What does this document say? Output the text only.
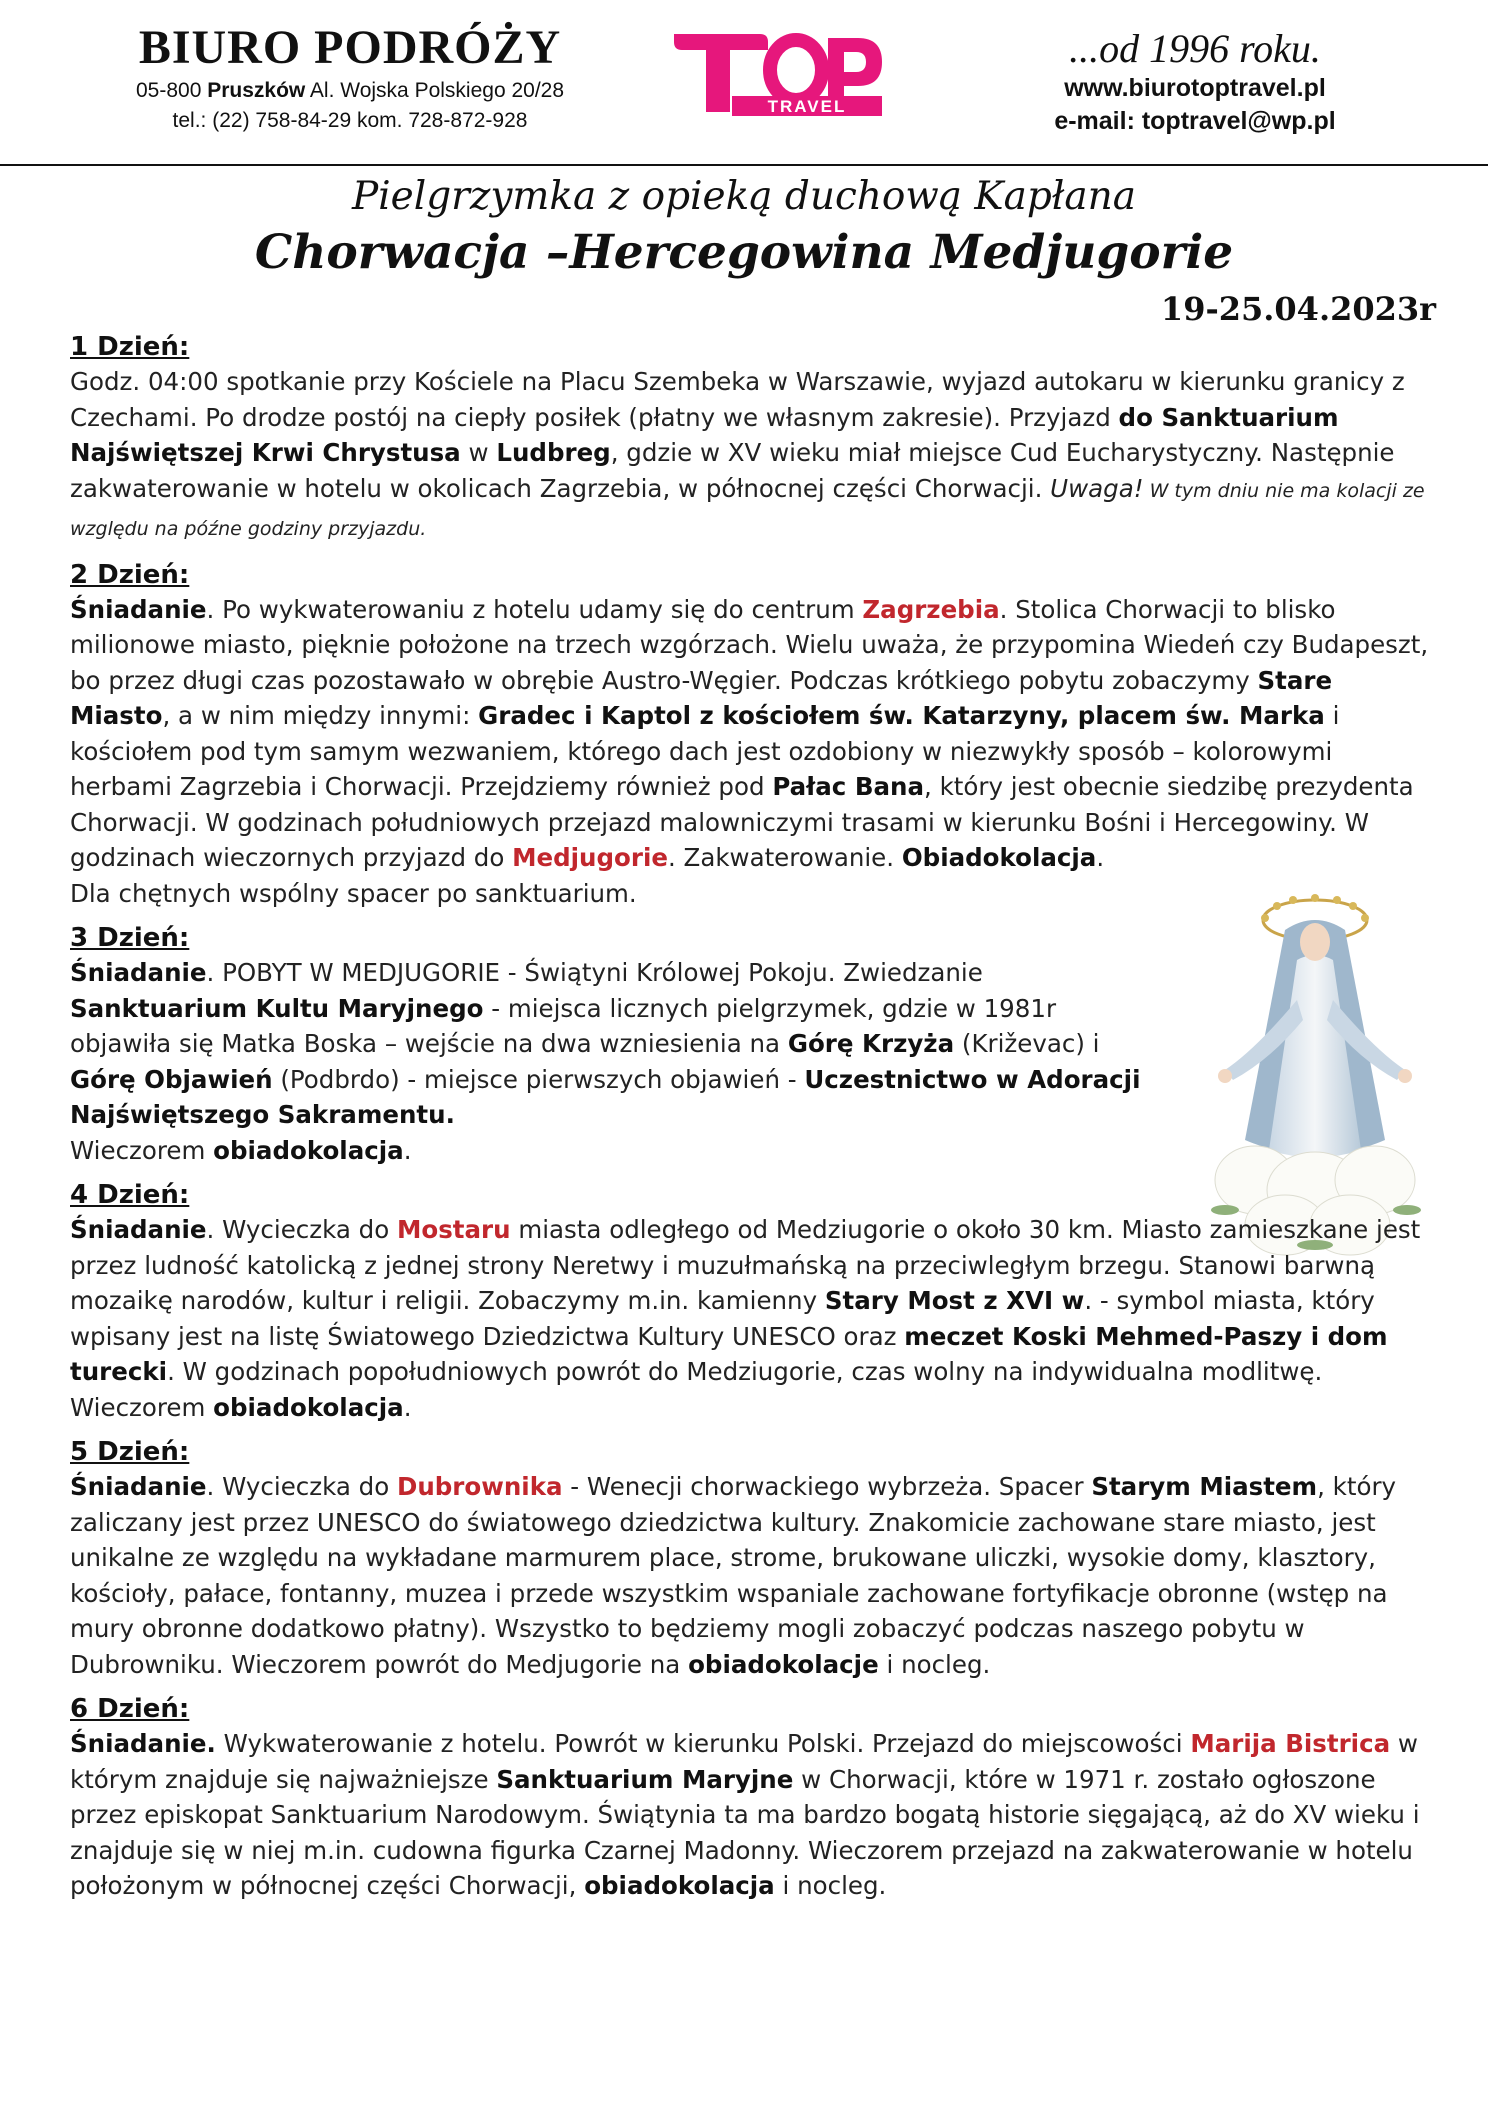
BIURO PODRÓŻY
05-800 Pruszków Al. Wojska Polskiego 20/28
tel.: (22) 758-84-29 kom. 728-872-928
TRAVEL
...od 1996 roku.
www.biurotoptravel.pl
e-mail: toptravel@wp.pl
Pielgrzymka z opieką duchową Kapłana
Chorwacja –Hercegowina Medjugorie
19-25.04.2023r
1 Dzień:
Godz. 04:00 spotkanie przy Kościele na Placu Szembeka w Warszawie, wyjazd autokaru w kierunku granicy z Czechami. Po drodze postój na ciepły posiłek (płatny we własnym zakresie). Przyjazd do Sanktuarium Najświętszej Krwi Chrystusa w Ludbreg, gdzie w XV wieku miał miejsce Cud Eucharystyczny. Następnie zakwaterowanie w hotelu w okolicach Zagrzebia, w północnej części Chorwacji. Uwaga! W tym dniu nie ma kolacji ze względu na późne godziny przyjazdu.
2 Dzień:
Śniadanie. Po wykwaterowaniu z hotelu udamy się do centrum Zagrzebia. Stolica Chorwacji to blisko milionowe miasto, pięknie położone na trzech wzgórzach. Wielu uważa, że przypomina Wiedeń czy Budapeszt, bo przez długi czas pozostawało w obrębie Austro-Węgier. Podczas krótkiego pobytu zobaczymy Stare Miasto, a w nim między innymi: Gradec i Kaptol z kościołem św. Katarzyny, placem św. Marka i kościołem pod tym samym wezwaniem, którego dach jest ozdobiony w niezwykły sposób – kolorowymi herbami Zagrzebia i Chorwacji. Przejdziemy również pod Pałac Bana, który jest obecnie siedzibę prezydenta Chorwacji. W godzinach południowych przejazd malowniczymi trasami w kierunku Bośni i Hercegowiny. W godzinach wieczornych przyjazd do Medjugorie. Zakwaterowanie. Obiadokolacja.
Dla chętnych wspólny spacer po sanktuarium.
3 Dzień:
Śniadanie. POBYT W MEDJUGORIE - Świątyni Królowej Pokoju. Zwiedzanie Sanktuarium Kultu Maryjnego - miejsca licznych pielgrzymek, gdzie w 1981r objawiła się Matka Boska – wejście na dwa wzniesienia na Górę Krzyża (Križevac) i Górę Objawień (Podbrdo) - miejsce pierwszych objawień - Uczestnictwo w Adoracji Najświętszego Sakramentu.
Wieczorem obiadokolacja.
4 Dzień:
Śniadanie. Wycieczka do Mostaru miasta odległego od Medziugorie o około 30 km. Miasto zamieszkane jest przez ludność katolicką z jednej strony Neretwy i muzułmańską na przeciwległym brzegu. Stanowi barwną mozaikę narodów, kultur i religii. Zobaczymy m.in. kamienny Stary Most z XVI w. - symbol miasta, który wpisany jest na listę Światowego Dziedzictwa Kultury UNESCO oraz meczet Koski Mehmed-Paszy i dom turecki. W godzinach popołudniowych powrót do Medziugorie, czas wolny na indywidualna modlitwę. Wieczorem obiadokolacja.
5 Dzień:
Śniadanie. Wycieczka do Dubrownika - Wenecji chorwackiego wybrzeża. Spacer Starym Miastem, który zaliczany jest przez UNESCO do światowego dziedzictwa kultury. Znakomicie zachowane stare miasto, jest unikalne ze względu na wykładane marmurem place, strome, brukowane uliczki, wysokie domy, klasztory, kościoły, pałace, fontanny, muzea i przede wszystkim wspaniale zachowane fortyfikacje obronne (wstęp na mury obronne dodatkowo płatny). Wszystko to będziemy mogli zobaczyć podczas naszego pobytu w Dubrowniku. Wieczorem powrót do Medjugorie na obiadokolacje i nocleg.
6 Dzień:
Śniadanie. Wykwaterowanie z hotelu. Powrót w kierunku Polski. Przejazd do miejscowości Marija Bistrica w którym znajduje się najważniejsze Sanktuarium Maryjne w Chorwacji, które w 1971 r. zostało ogłoszone przez episkopat Sanktuarium Narodowym. Świątynia ta ma bardzo bogatą historie sięgającą, aż do XV wieku i znajduje się w niej m.in. cudowna figurka Czarnej Madonny. Wieczorem przejazd na zakwaterowanie w hotelu położonym w północnej części Chorwacji, obiadokolacja i nocleg.
